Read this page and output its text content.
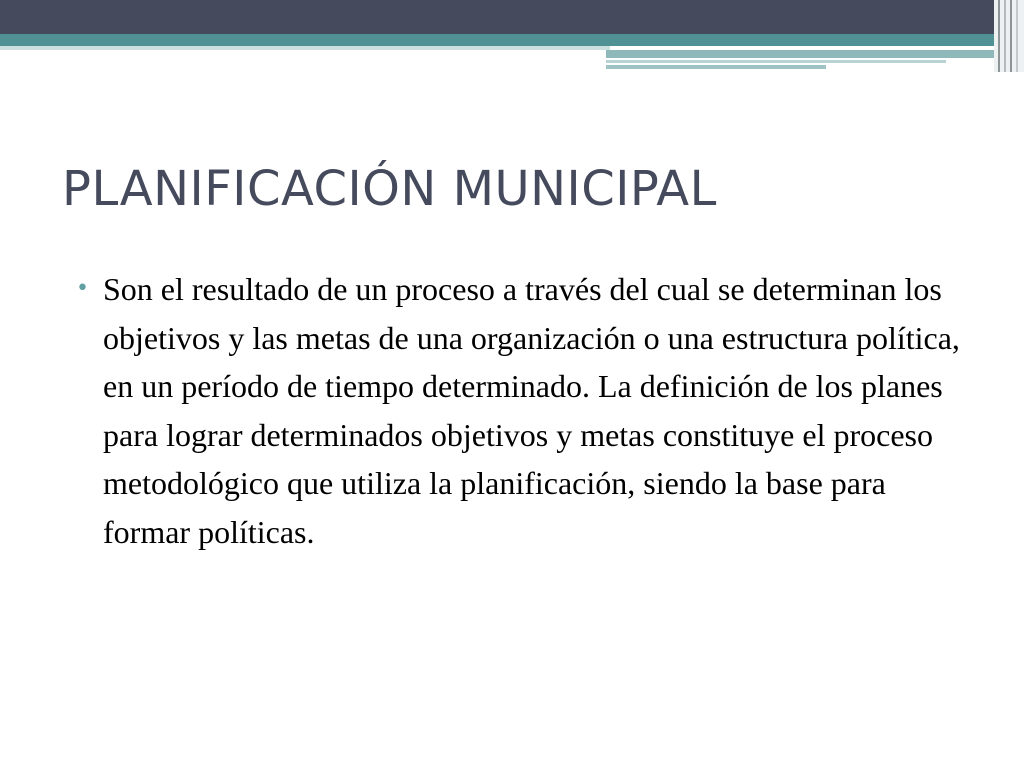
PLANIFICACIÓN MUNICIPAL
• Son el resultado de un proceso a través del cual se determinan los objetivos y las metas de una organización o una estructura política, en un período de tiempo determinado. La definición de los planes para lograr determinados objetivos y metas constituye el proceso metodológico que utiliza la planificación, siendo la base para formar políticas.
